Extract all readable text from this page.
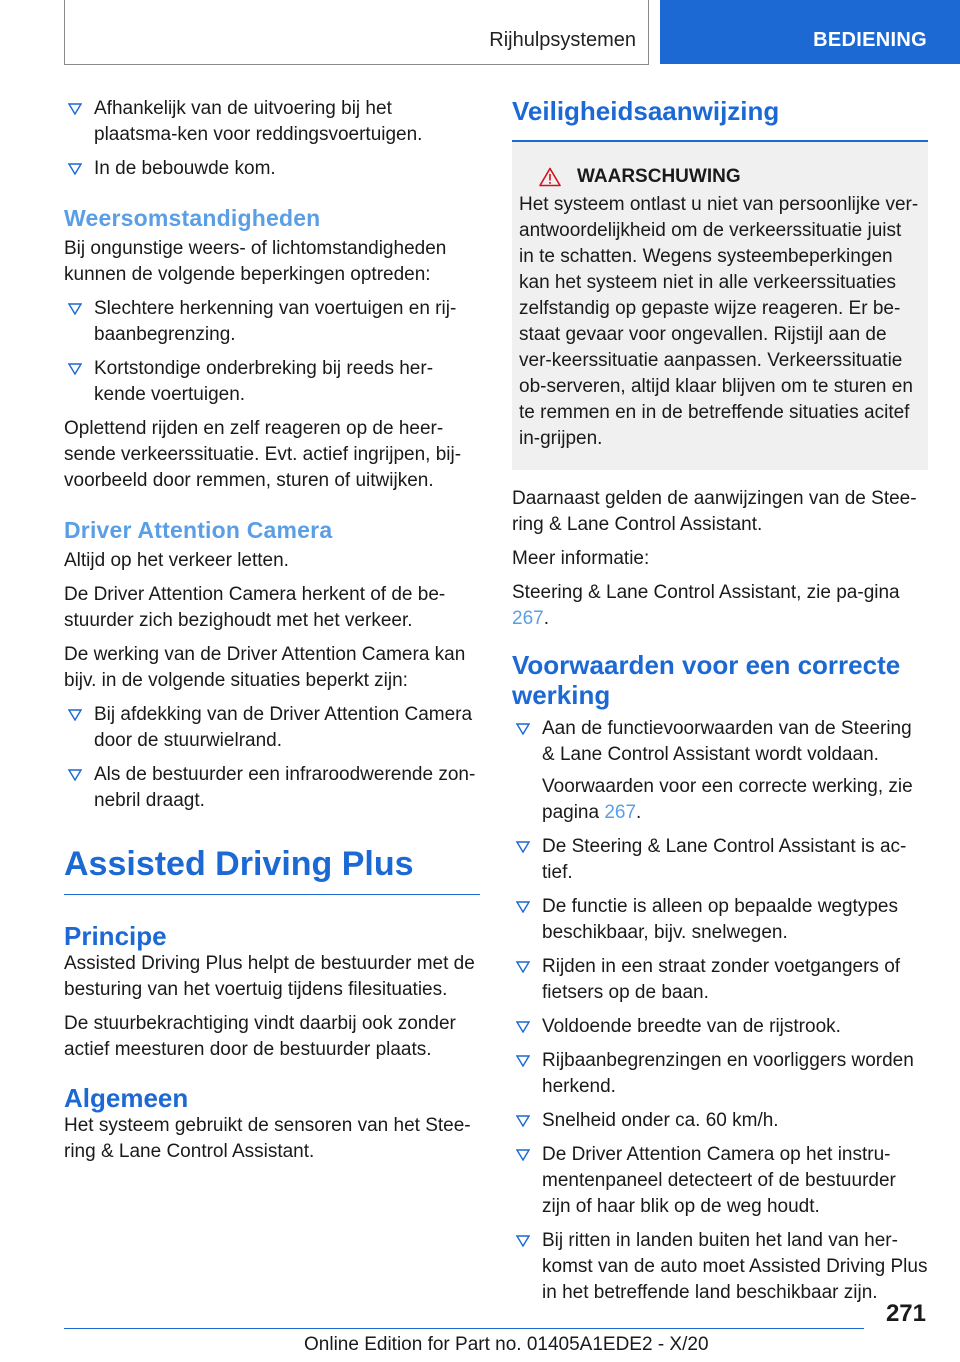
Rijhulpsystemen	BEDIENING
Afhankelijk van de uitvoering bij het plaatsma-ken voor reddingsvoertuigen.
In de bebouwde kom.
Weersomstandigheden

Bij ongunstige weers- of lichtomstandigheden kunnen de volgende beperkingen optreden:

Slechtere herkenning van voertuigen en rij-baanbegrenzing.
Kortstondige onderbreking bij reeds her-kende voertuigen.

Oplettend rijden en zelf reageren op de heer-sende verkeerssituatie. Evt. actief ingrijpen, bij-voorbeeld door remmen, sturen of uitwijken.

Driver Attention Camera

Altijd op het verkeer letten.

De Driver Attention Camera herkent of de be-stuurder zich bezighoudt met het verkeer.

De werking van de Driver Attention Camera kan bijv. in de volgende situaties beperkt zijn:

Bij afdekking van de Driver Attention Camera door de stuurwielrand.
Als de bestuurder een infraroodwerende zon-nebril draagt.
Assisted Driving Plus
Principe

Assisted Driving Plus helpt de bestuurder met de besturing van het voertuig tijdens filesituaties.

De stuurbekrachtiging vindt daarbij ook zonder actief meesturen door de bestuurder plaats.

Algemeen

Het systeem gebruikt de sensoren van het Stee-ring & Lane Control Assistant.

Veiligheidsaanwijzing
WAARSCHUWING

Het systeem ontlast u niet van persoonlijke ver-antwoordelijkheid om de verkeerssituatie juist in te schatten. Wegens systeembeperkingen kan het systeem niet in alle verkeerssituaties zelfstandig op gepaste wijze reageren. Er be-staat gevaar voor ongevallen. Rijstijl aan de ver-keerssituatie aanpassen. Verkeerssituatie ob-serveren, altijd klaar blijven om te sturen en te remmen en in de betreffende situaties acitef in-grijpen.

Daarnaast gelden de aanwijzingen van de Stee-ring & Lane Control Assistant.

Meer informatie:

Steering & Lane Control Assistant, zie pa-gina 267.

Voorwaarden voor een correcte werking
Aan de functievoorwaarden van de Steering & Lane Control Assistant wordt voldaan.
Voorwaarden voor een correcte werking, zie pagina 267.
De Steering & Lane Control Assistant is ac-tief.
De functie is alleen op bepaalde wegtypes beschikbaar, bijv. snelwegen.
Rijden in een straat zonder voetgangers of fietsers op de baan.
Voldoende breedte van de rijstrook.
Rijbaanbegrenzingen en voorliggers worden herkend.
Snelheid onder ca. 60 km/h.
De Driver Attention Camera op het instru-mentenpaneel detecteert of de bestuurder zijn of haar blik op de weg houdt.
Bij ritten in landen buiten het land van her-komst van de auto moet Assisted Driving Plus in het betreffende land beschikbaar zijn.
271
Online Edition for Part no. 01405A1EDE2 - X/20
